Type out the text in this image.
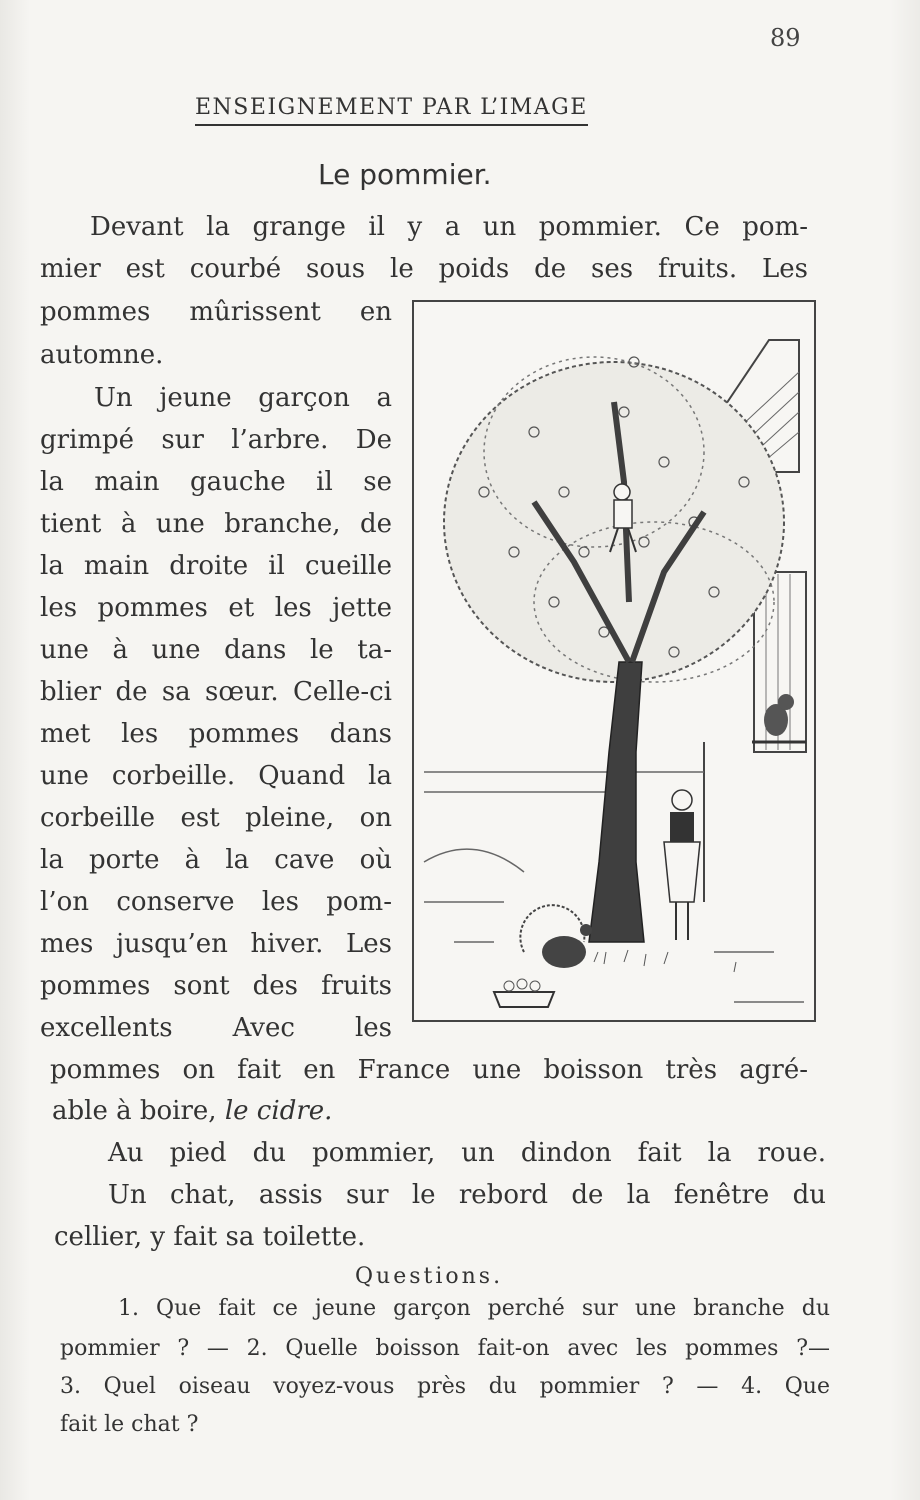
89
ENSEIGNEMENT PAR L’IMAGE
Le pommier.
Devant la grange il y a un pommier. Ce pom-
mier est courbé sous le poids de ses fruits. Les
pommes mûrissent en
automne.
Un jeune garçon a
grimpé sur l’arbre. De
la main gauche il se
tient à une branche, de
la main droite il cueille
les pommes et les jette
une à une dans le ta-
blier de sa sœur. Celle-ci
met les pommes dans
une corbeille. Quand la
corbeille est pleine, on
la porte à la cave où
l’on conserve les pom-
mes jusqu’en hiver. Les
pommes sont des fruits
excellents Avec les
pommes on fait en France une boisson très agré-
able à boire, le cidre.
Au pied du pommier, un dindon fait la roue.
Un chat, assis sur le rebord de la fenêtre du
cellier, y fait sa toilette.
Questions.
1. Que fait ce jeune garçon perché sur une branche du
pommier ? — 2. Quelle boisson fait-on avec les pommes ?—
3. Quel oiseau voyez-vous près du pommier ? — 4. Que
fait le chat ?
